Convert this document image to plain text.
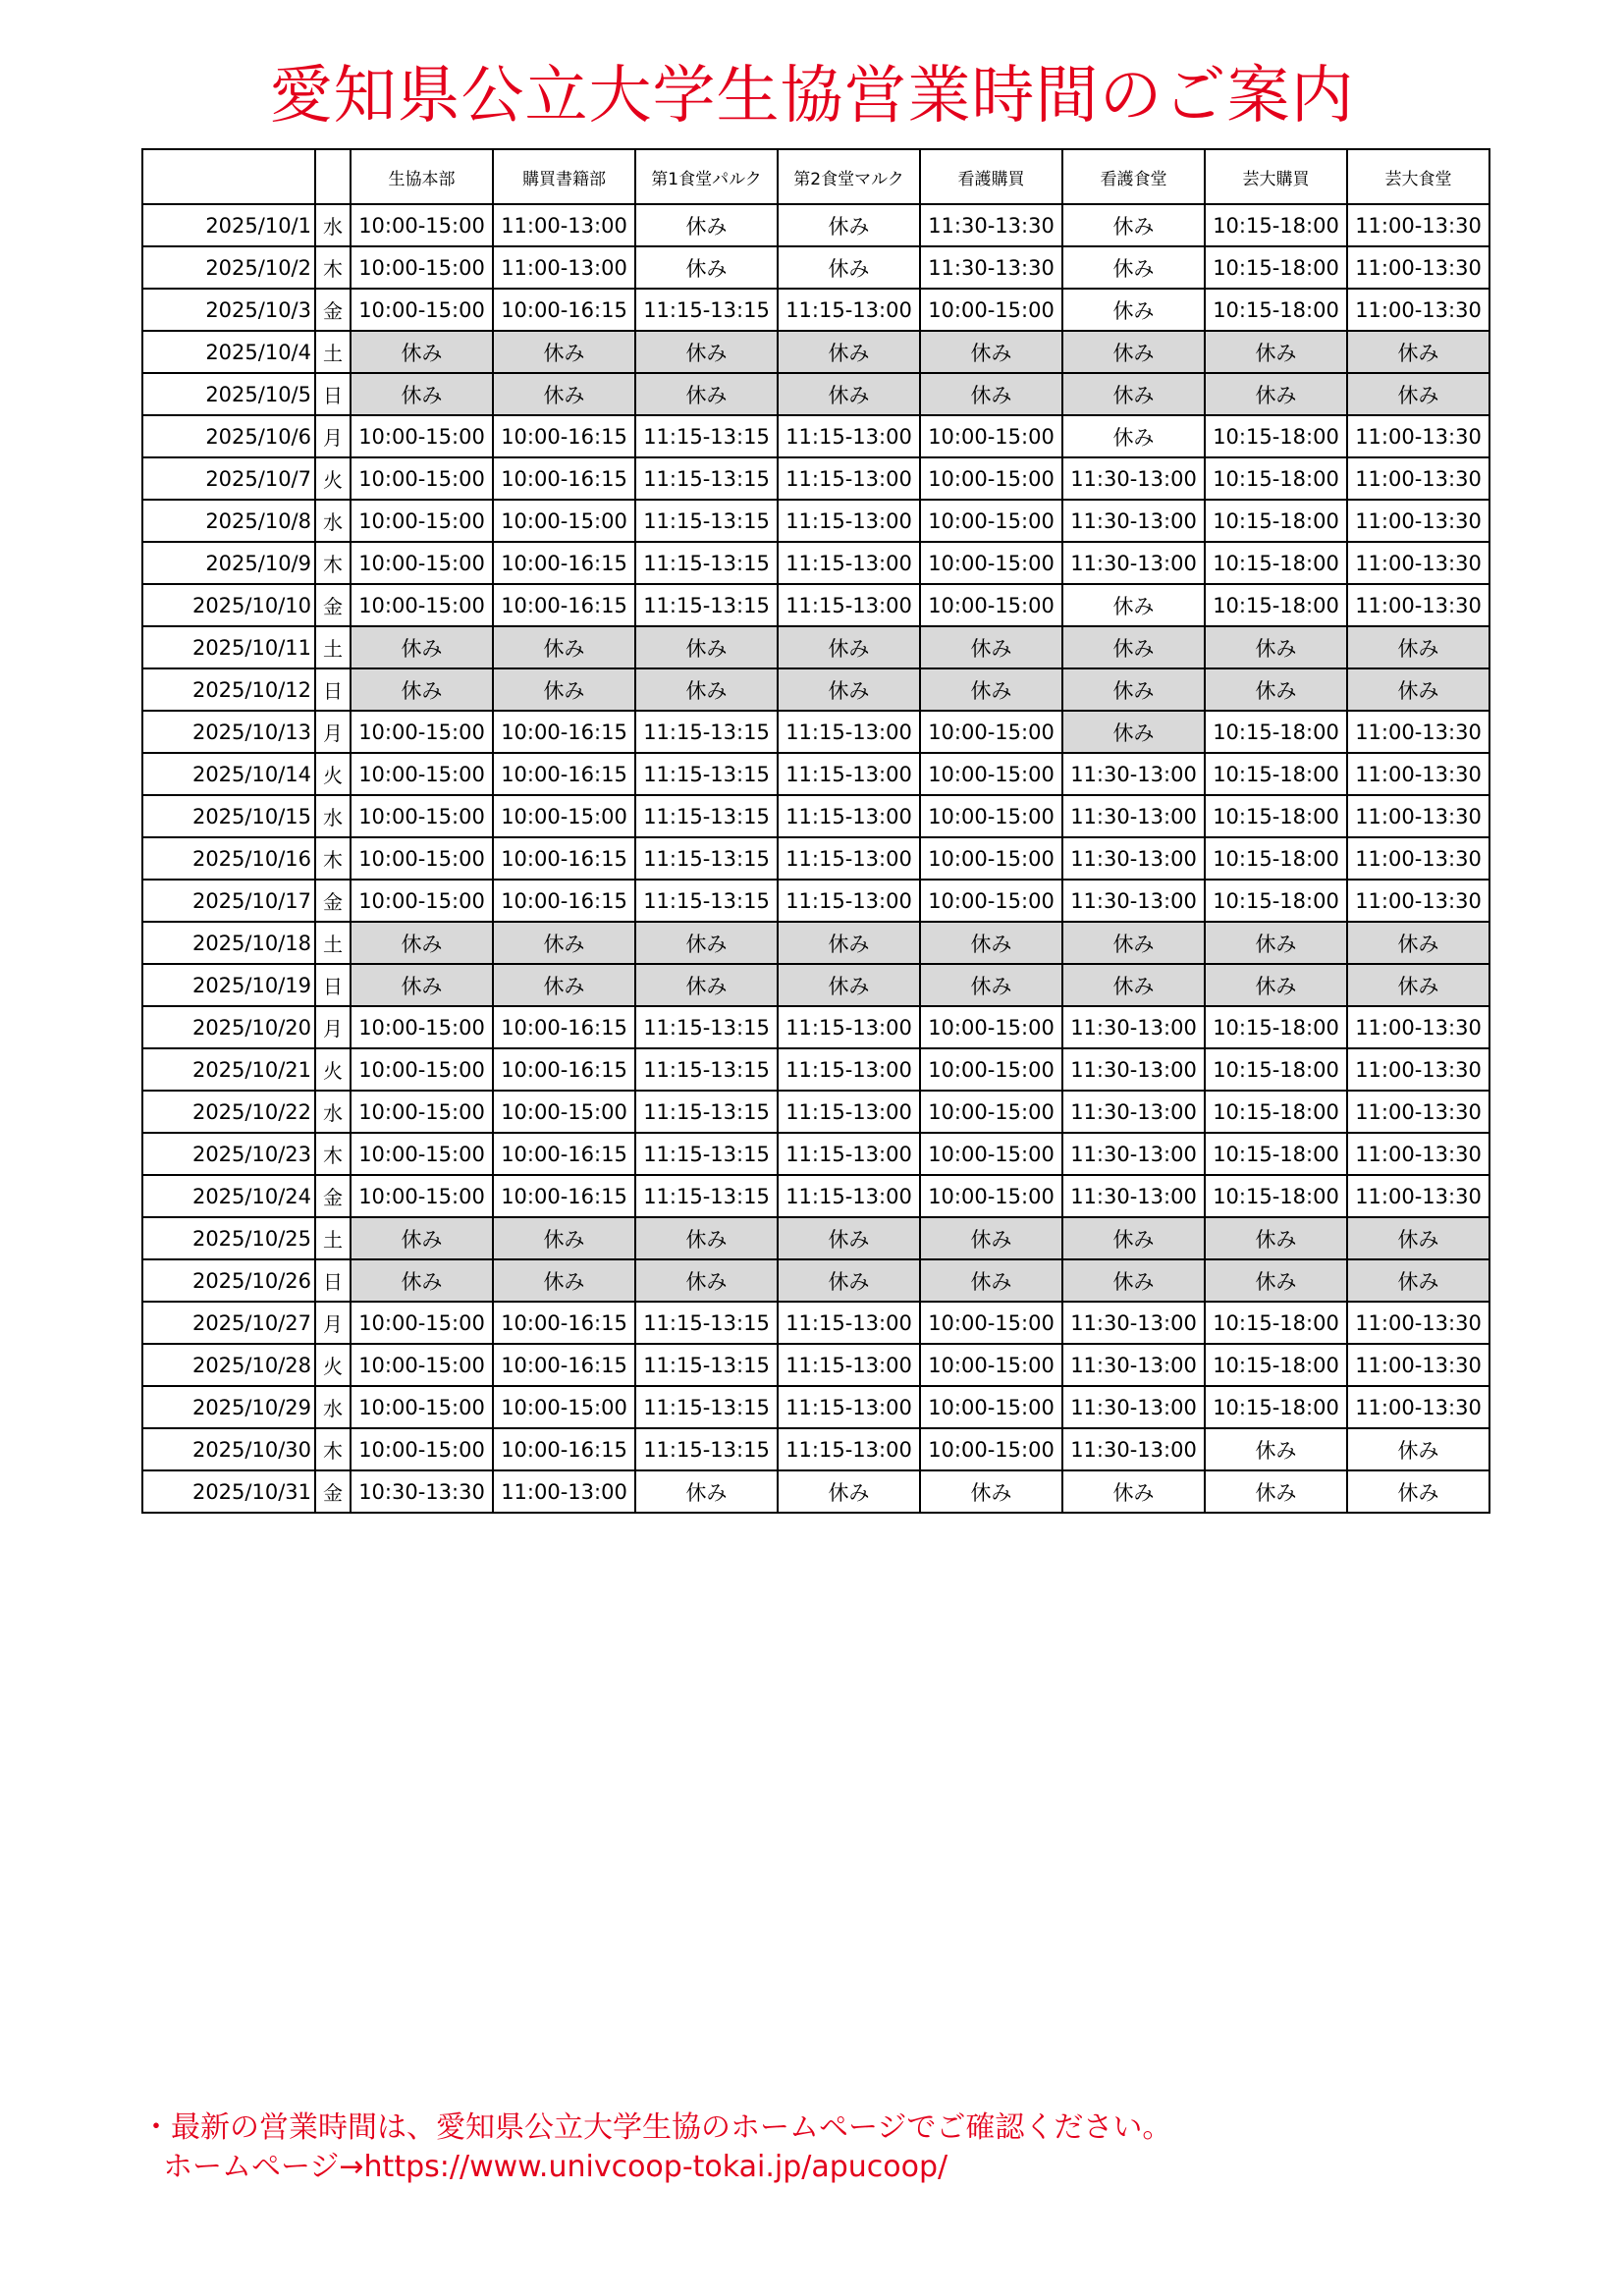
愛知県公立大学生協営業時間のご案内
		生協本部	購買書籍部	第1食堂パルク	第2食堂マルク	看護購買	看護食堂	芸大購買	芸大食堂
2025/10/1	水	10:00-15:00	11:00-13:00	休み	休み	11:30-13:30	休み	10:15-18:00	11:00-13:30
2025/10/2	木	10:00-15:00	11:00-13:00	休み	休み	11:30-13:30	休み	10:15-18:00	11:00-13:30
2025/10/3	金	10:00-15:00	10:00-16:15	11:15-13:15	11:15-13:00	10:00-15:00	休み	10:15-18:00	11:00-13:30
2025/10/4	土	休み	休み	休み	休み	休み	休み	休み	休み
2025/10/5	日	休み	休み	休み	休み	休み	休み	休み	休み
2025/10/6	月	10:00-15:00	10:00-16:15	11:15-13:15	11:15-13:00	10:00-15:00	休み	10:15-18:00	11:00-13:30
2025/10/7	火	10:00-15:00	10:00-16:15	11:15-13:15	11:15-13:00	10:00-15:00	11:30-13:00	10:15-18:00	11:00-13:30
2025/10/8	水	10:00-15:00	10:00-15:00	11:15-13:15	11:15-13:00	10:00-15:00	11:30-13:00	10:15-18:00	11:00-13:30
2025/10/9	木	10:00-15:00	10:00-16:15	11:15-13:15	11:15-13:00	10:00-15:00	11:30-13:00	10:15-18:00	11:00-13:30
2025/10/10	金	10:00-15:00	10:00-16:15	11:15-13:15	11:15-13:00	10:00-15:00	休み	10:15-18:00	11:00-13:30
2025/10/11	土	休み	休み	休み	休み	休み	休み	休み	休み
2025/10/12	日	休み	休み	休み	休み	休み	休み	休み	休み
2025/10/13	月	10:00-15:00	10:00-16:15	11:15-13:15	11:15-13:00	10:00-15:00	休み	10:15-18:00	11:00-13:30
2025/10/14	火	10:00-15:00	10:00-16:15	11:15-13:15	11:15-13:00	10:00-15:00	11:30-13:00	10:15-18:00	11:00-13:30
2025/10/15	水	10:00-15:00	10:00-15:00	11:15-13:15	11:15-13:00	10:00-15:00	11:30-13:00	10:15-18:00	11:00-13:30
2025/10/16	木	10:00-15:00	10:00-16:15	11:15-13:15	11:15-13:00	10:00-15:00	11:30-13:00	10:15-18:00	11:00-13:30
2025/10/17	金	10:00-15:00	10:00-16:15	11:15-13:15	11:15-13:00	10:00-15:00	11:30-13:00	10:15-18:00	11:00-13:30
2025/10/18	土	休み	休み	休み	休み	休み	休み	休み	休み
2025/10/19	日	休み	休み	休み	休み	休み	休み	休み	休み
2025/10/20	月	10:00-15:00	10:00-16:15	11:15-13:15	11:15-13:00	10:00-15:00	11:30-13:00	10:15-18:00	11:00-13:30
2025/10/21	火	10:00-15:00	10:00-16:15	11:15-13:15	11:15-13:00	10:00-15:00	11:30-13:00	10:15-18:00	11:00-13:30
2025/10/22	水	10:00-15:00	10:00-15:00	11:15-13:15	11:15-13:00	10:00-15:00	11:30-13:00	10:15-18:00	11:00-13:30
2025/10/23	木	10:00-15:00	10:00-16:15	11:15-13:15	11:15-13:00	10:00-15:00	11:30-13:00	10:15-18:00	11:00-13:30
2025/10/24	金	10:00-15:00	10:00-16:15	11:15-13:15	11:15-13:00	10:00-15:00	11:30-13:00	10:15-18:00	11:00-13:30
2025/10/25	土	休み	休み	休み	休み	休み	休み	休み	休み
2025/10/26	日	休み	休み	休み	休み	休み	休み	休み	休み
2025/10/27	月	10:00-15:00	10:00-16:15	11:15-13:15	11:15-13:00	10:00-15:00	11:30-13:00	10:15-18:00	11:00-13:30
2025/10/28	火	10:00-15:00	10:00-16:15	11:15-13:15	11:15-13:00	10:00-15:00	11:30-13:00	10:15-18:00	11:00-13:30
2025/10/29	水	10:00-15:00	10:00-15:00	11:15-13:15	11:15-13:00	10:00-15:00	11:30-13:00	10:15-18:00	11:00-13:30
2025/10/30	木	10:00-15:00	10:00-16:15	11:15-13:15	11:15-13:00	10:00-15:00	11:30-13:00	休み	休み
2025/10/31	金	10:30-13:30	11:00-13:00	休み	休み	休み	休み	休み	休み
・最新の営業時間は、愛知県公立大学生協のホームページでご確認ください。
ホームページ→https://www.univcoop-tokai.jp/apucoop/
